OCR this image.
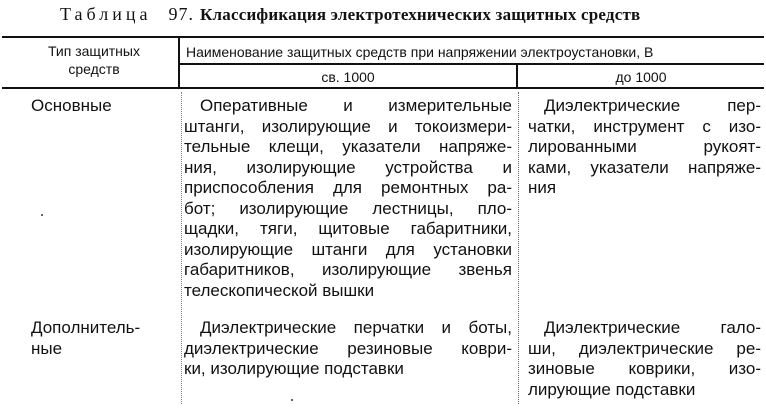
Таблица 97. Классификация электротехнических защитных средств
Тип защитных
средств
Наименование защитных средств при напряжении электроустановки, В
св. 1000	до 1000
Основные	Оперативные и измерительные
штанги, изолирующие и токоизмери-
тельные клещи, указатели напряже-
ния, изолирующие устройства и
приспособления для ремонтных ра-
бот; изолирующие лестницы, пло-
щадки, тяги, щитовые габаритники,
изолирующие штанги для установки
габаритников, изолирующие звенья
телескопической вышки
Диэлектрические пер-
чатки, инструмент с изо-
лированными рукоят-
ками, указатели напряже-
ния
Дополнитель-
ные
Диэлектрические перчатки и боты,
диэлектрические резиновые коври-
ки, изолирующие подставки
Диэлектрические гало-
ши, диэлектрические ре-
зиновые коврики, изо-
лирующие подставки
